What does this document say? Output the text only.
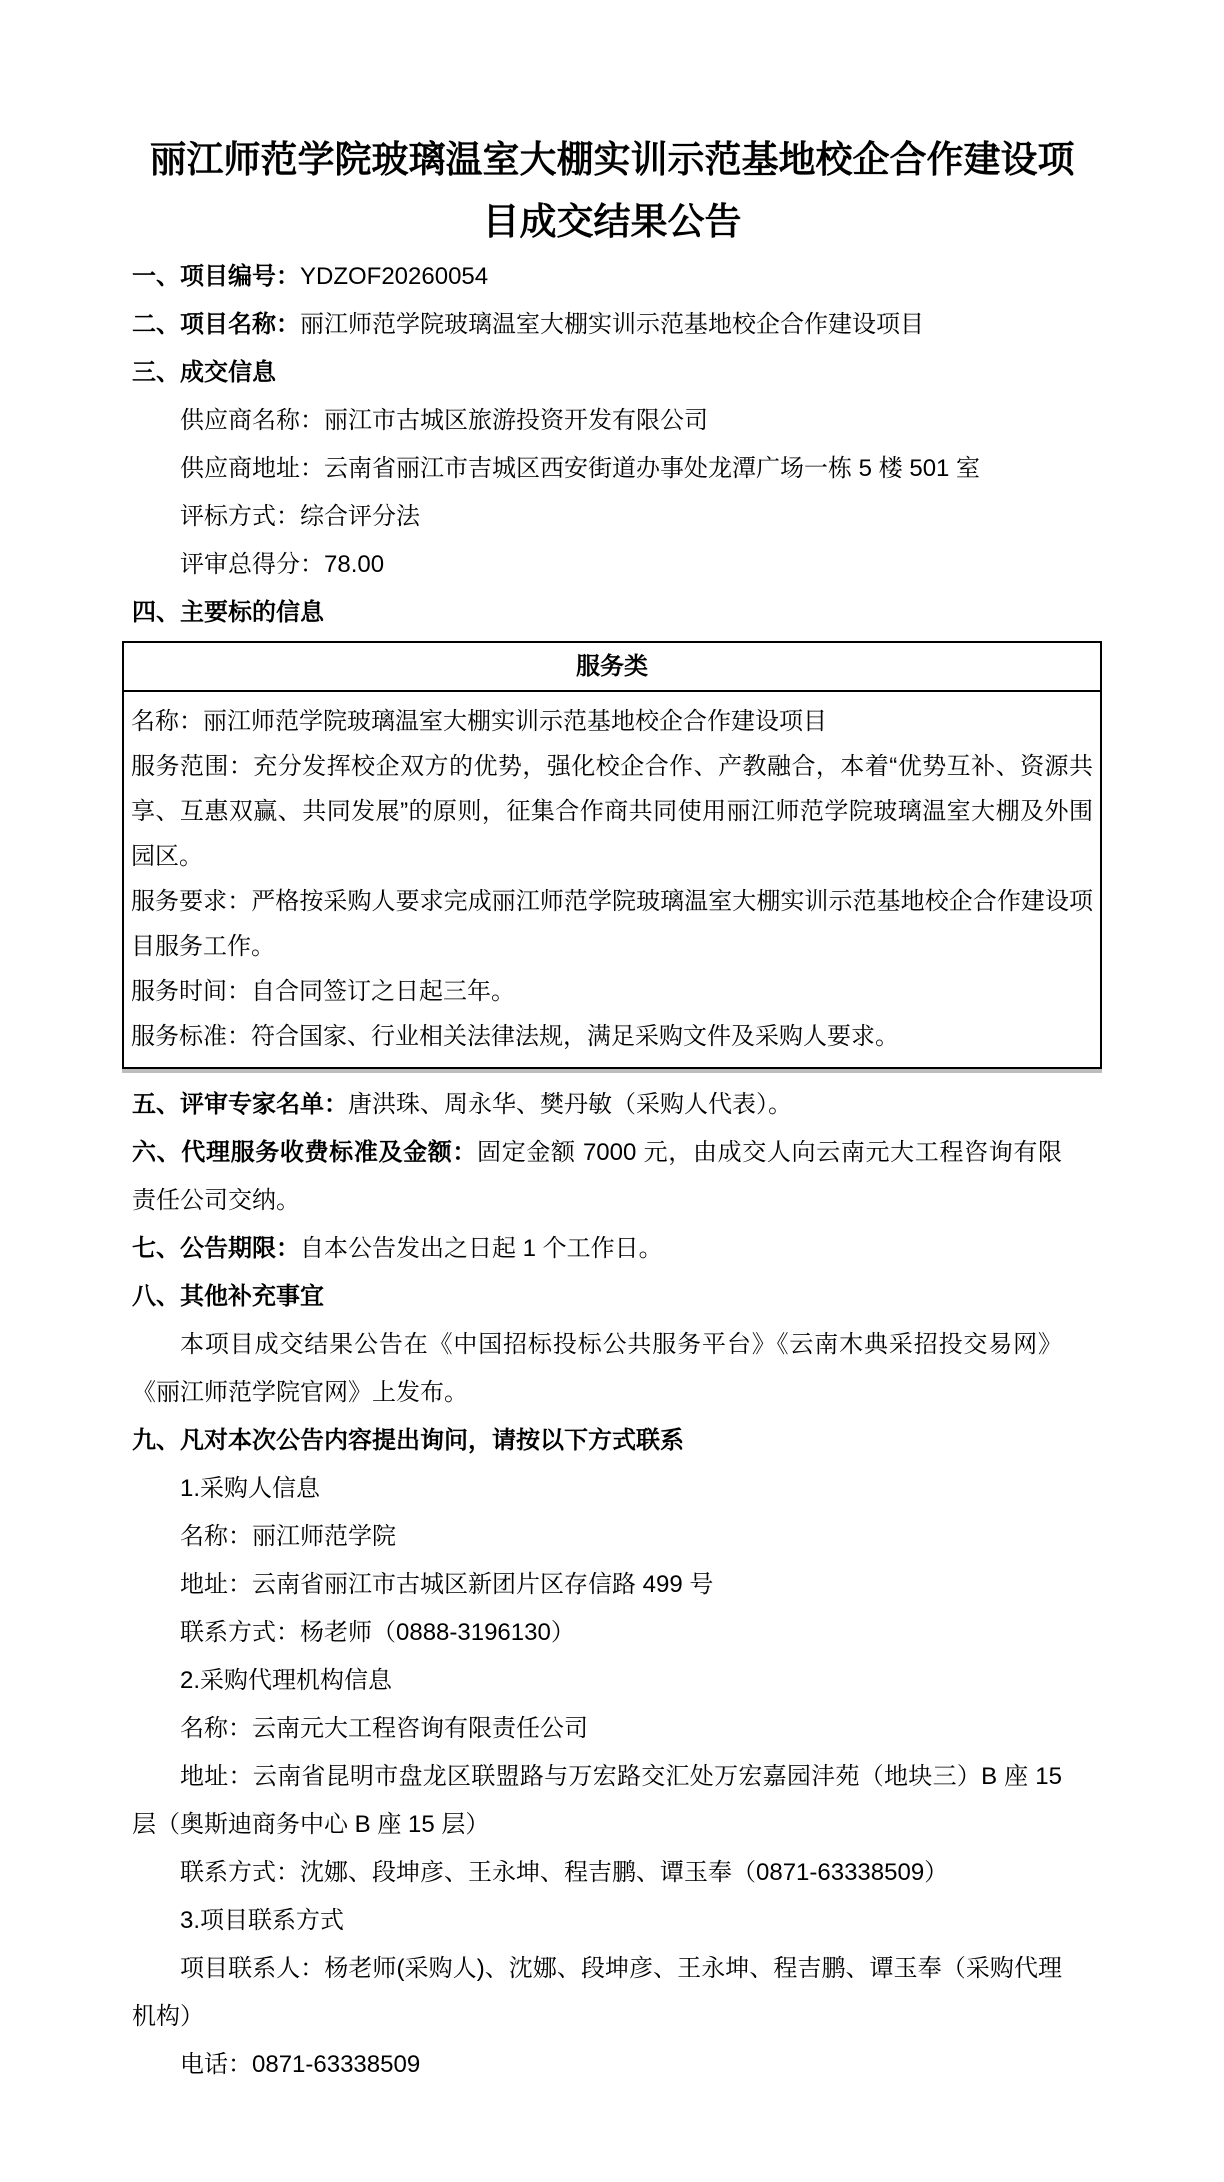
丽江师范学院玻璃温室大棚实训示范基地校企合作建设项目成交结果公告

一、项目编号：YDZOF20260054

二、项目名称：丽江师范学院玻璃温室大棚实训示范基地校企合作建设项目

三、成交信息

供应商名称：丽江市古城区旅游投资开发有限公司

供应商地址：云南省丽江市吉城区西安街道办事处龙潭广场一栋 5 楼 501 室

评标方式：综合评分法

评审总得分：78.00

四、主要标的信息

服务类

名称：丽江师范学院玻璃温室大棚实训示范基地校企合作建设项目

服务范围：充分发挥校企双方的优势，强化校企合作、产教融合，本着“优势互补、资源共享、互惠双赢、共同发展”的原则，征集合作商共同使用丽江师范学院玻璃温室大棚及外围园区。

服务要求：严格按采购人要求完成丽江师范学院玻璃温室大棚实训示范基地校企合作建设项目服务工作。

服务时间：自合同签订之日起三年。

服务标准：符合国家、行业相关法律法规，满足采购文件及采购人要求。

五、评审专家名单：唐洪珠、周永华、樊丹敏（采购人代表）。

六、代理服务收费标准及金额：固定金额 7000 元，由成交人向云南元大工程咨询有限责任公司交纳。

七、公告期限：自本公告发出之日起 1 个工作日。

八、其他补充事宜

本项目成交结果公告在《中国招标投标公共服务平台》《云南木典采招投交易网》《丽江师范学院官网》上发布。

九、凡对本次公告内容提出询问，请按以下方式联系

1.采购人信息

名称：丽江师范学院

地址：云南省丽江市古城区新团片区存信路 499 号

联系方式：杨老师（0888-3196130）

2.采购代理机构信息

名称：云南元大工程咨询有限责任公司

地址：云南省昆明市盘龙区联盟路与万宏路交汇处万宏嘉园沣苑（地块三）B 座 15 层（奥斯迪商务中心 B 座 15 层）

联系方式：沈娜、段坤彦、王永坤、程吉鹏、谭玉奉（0871-63338509）

3.项目联系方式

项目联系人：杨老师(采购人)、沈娜、段坤彦、王永坤、程吉鹏、谭玉奉（采购代理机构）

电话：0871-63338509
